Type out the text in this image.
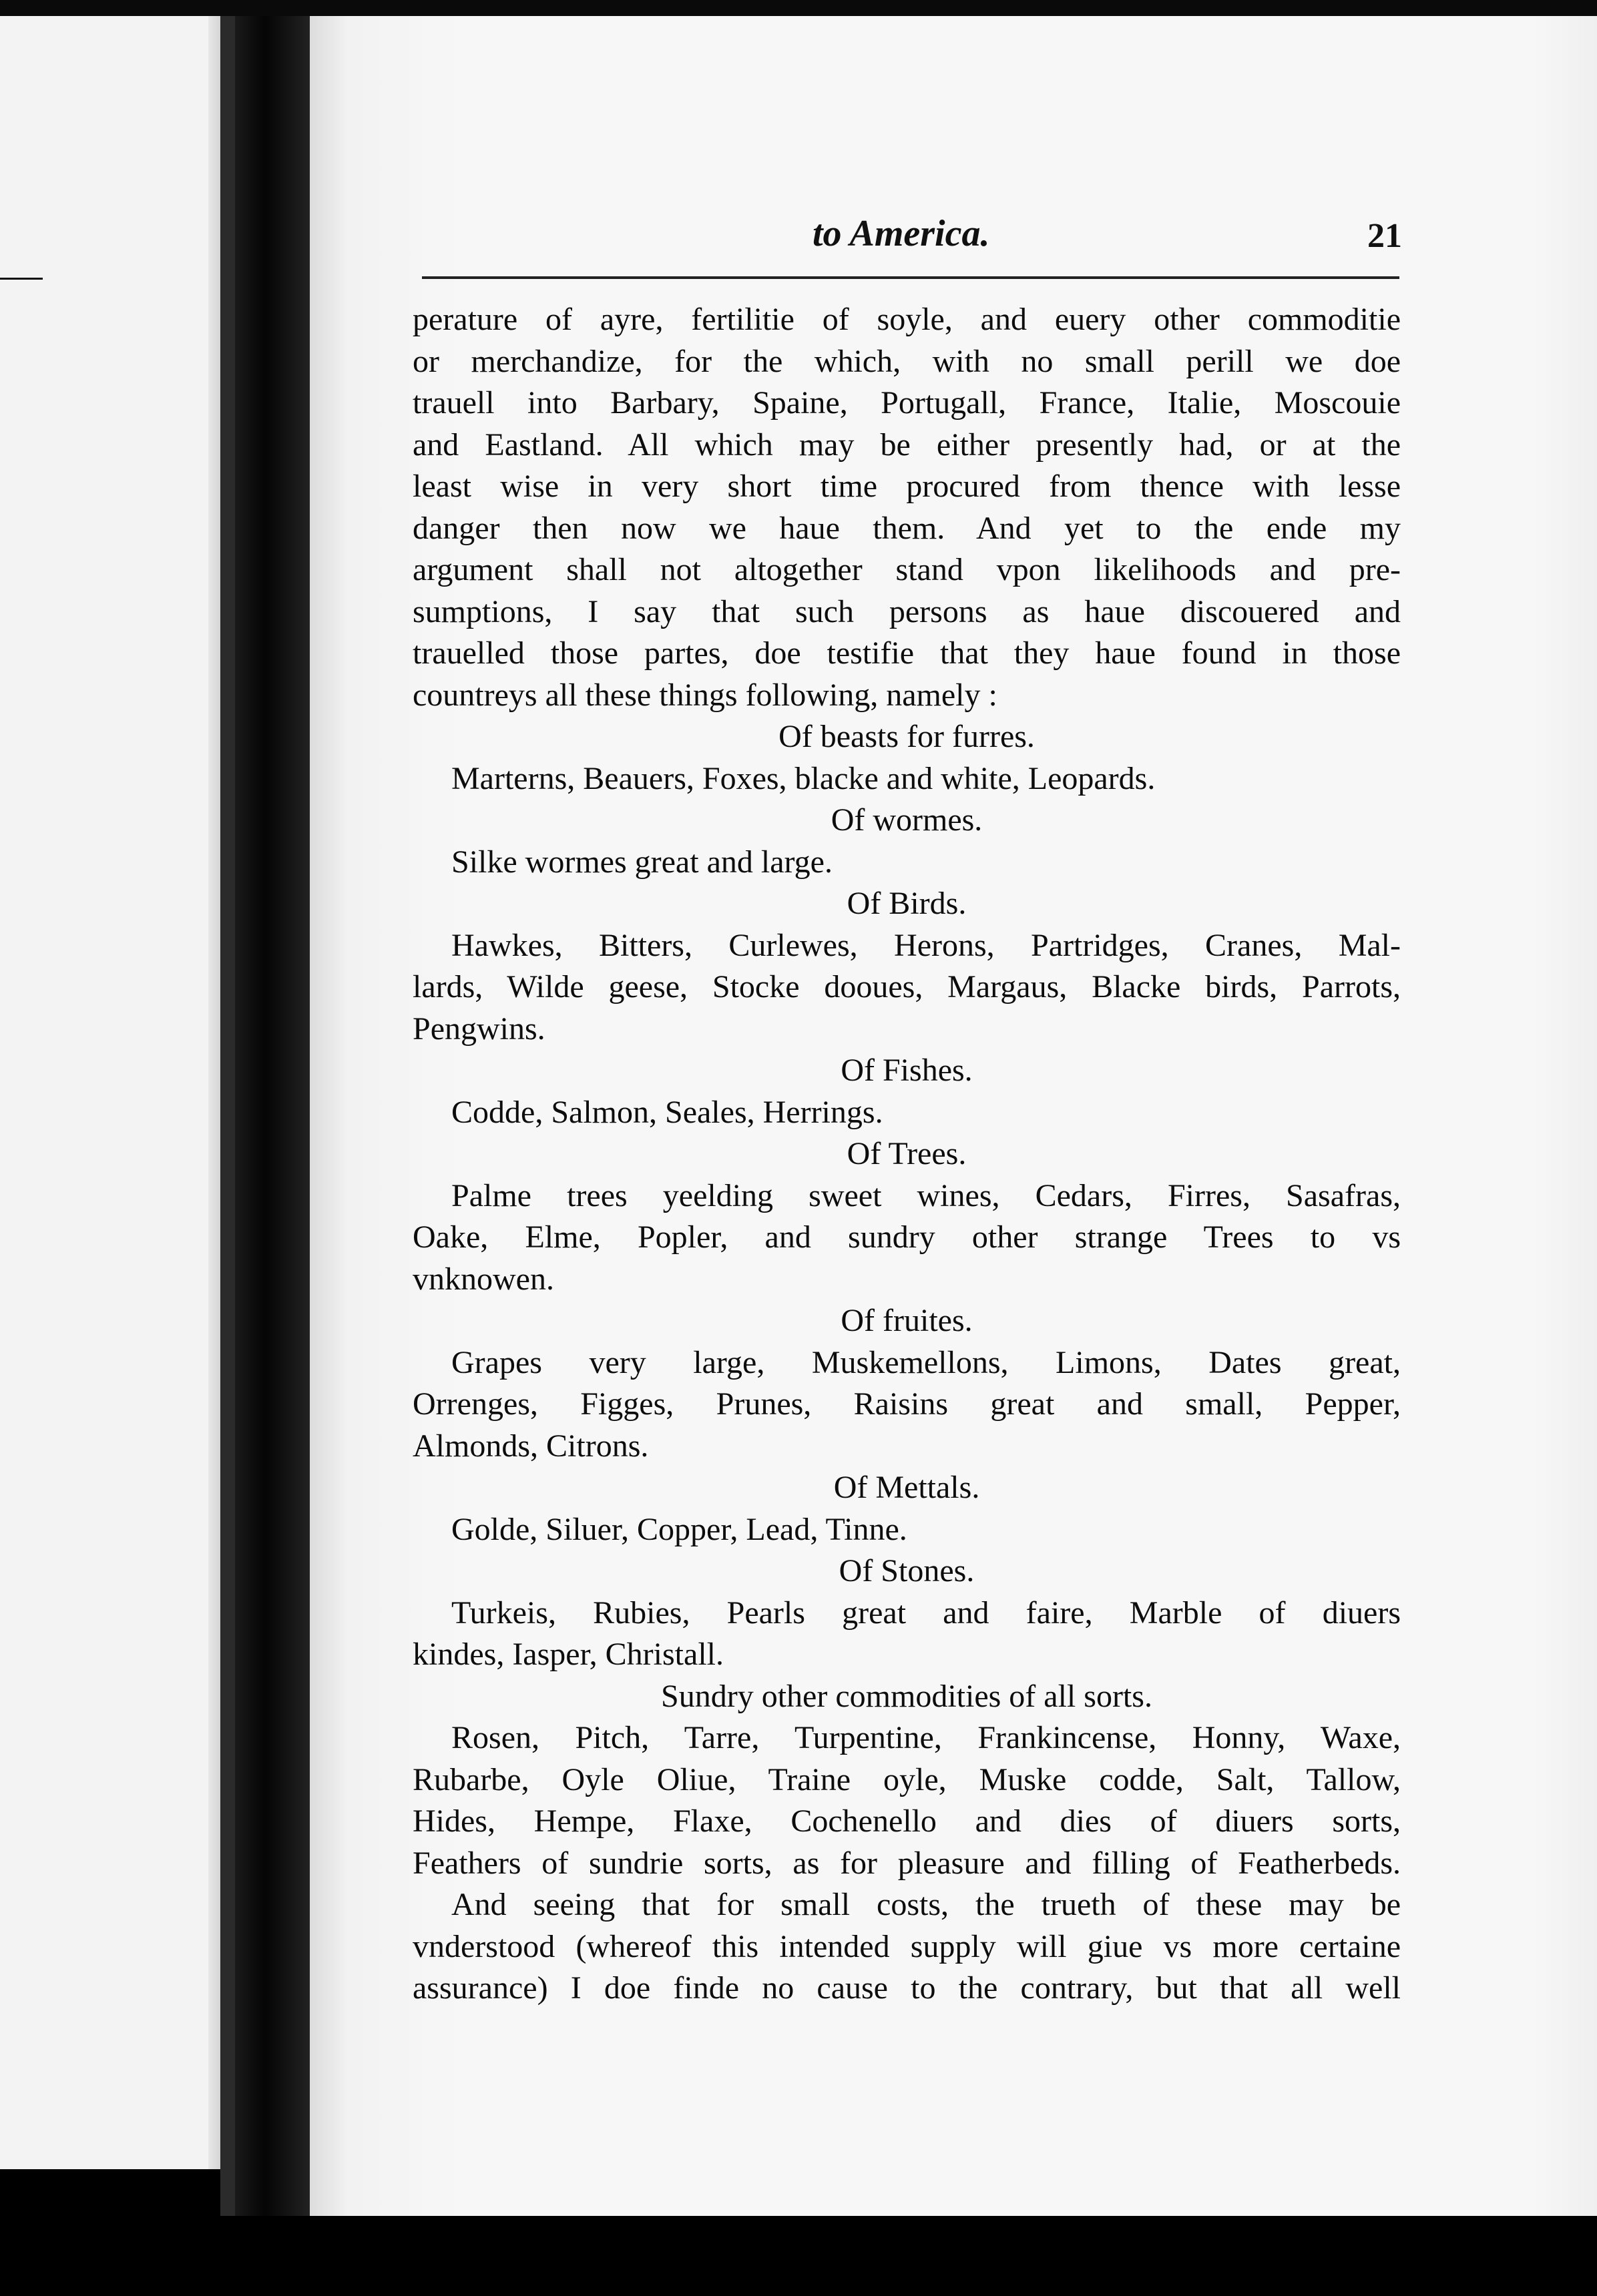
to America.	21
perature of ayre, fertilitie of soyle, and euery other commoditie
or merchandize, for the which, with no small perill we doe
trauell into Barbary, Spaine, Portugall, France, Italie, Moscouie
and Eastland. All which may be either presently had, or at the
least wise in very short time procured from thence with lesse
danger then now we haue them. And yet to the ende my
argument shall not altogether stand vpon likelihoods and pre-
sumptions, I say that such persons as haue discouered and
trauelled those partes, doe testifie that they haue found in those
countreys all these things following, namely :
Of beasts for furres.
Marterns, Beauers, Foxes, blacke and white, Leopards.
Of wormes.
Silke wormes great and large.
Of Birds.
Hawkes, Bitters, Curlewes, Herons, Partridges, Cranes, Mal-
lards, Wilde geese, Stocke dooues, Margaus, Blacke birds, Parrots,
Pengwins.
Of Fishes.
Codde, Salmon, Seales, Herrings.
Of Trees.
Palme trees yeelding sweet wines, Cedars, Firres, Sasafras,
Oake, Elme, Popler, and sundry other strange Trees to vs
vnknowen.
Of fruites.
Grapes very large, Muskemellons, Limons, Dates great,
Orrenges, Figges, Prunes, Raisins great and small, Pepper,
Almonds, Citrons.
Of Mettals.
Golde, Siluer, Copper, Lead, Tinne.
Of Stones.
Turkeis, Rubies, Pearls great and faire, Marble of diuers
kindes, Iasper, Christall.
Sundry other commodities of all sorts.
Rosen, Pitch, Tarre, Turpentine, Frankincense, Honny, Waxe,
Rubarbe, Oyle Oliue, Traine oyle, Muske codde, Salt, Tallow,
Hides, Hempe, Flaxe, Cochenello and dies of diuers sorts,
Feathers of sundrie sorts, as for pleasure and filling of Featherbeds.
And seeing that for small costs, the trueth of these may be
vnderstood (whereof this intended supply will giue vs more certaine
assurance) I doe finde no cause to the contrary, but that all well
